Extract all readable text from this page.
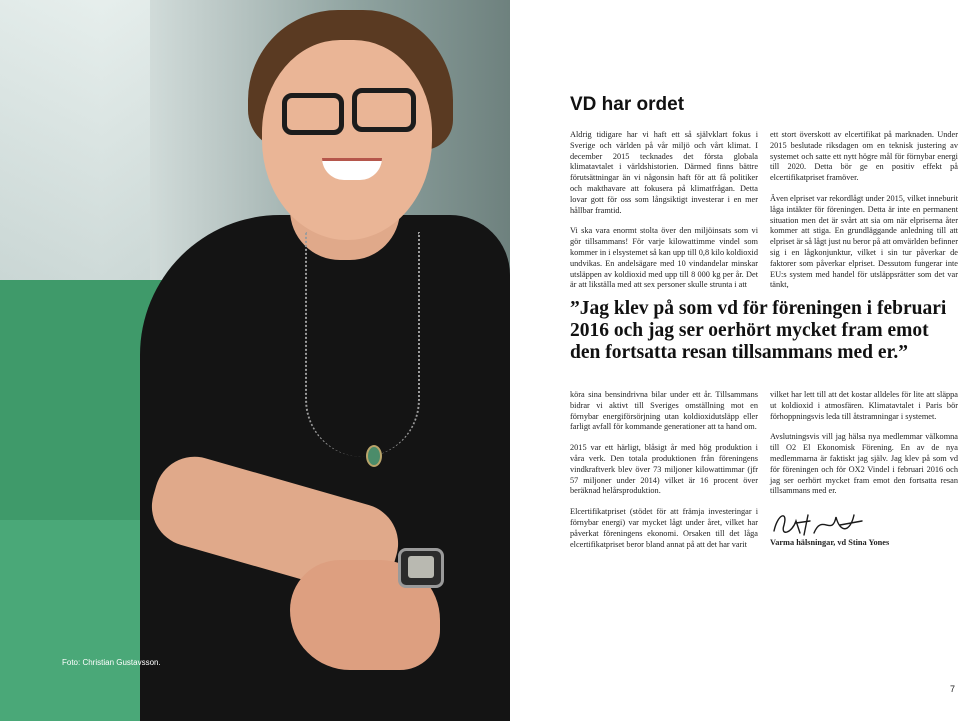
Foto: Christian Gustavsson.
VD har ordet

Aldrig tidigare har vi haft ett så självklart fokus i Sverige och världen på vår miljö och vårt klimat. I december 2015 tecknades det första globala klimatavtalet i världshistorien. Därmed finns bättre förutsättningar än vi någonsin haft för att få politiker och makthavare att fokusera på klimatfrågan. Detta lovar gott för oss som långsiktigt investerar i en mer hållbar framtid.

Vi ska vara enormt stolta över den miljöinsats som vi gör tillsammans! För varje kilowattimme vindel som kommer in i elsystemet så kan upp till 0,8 kilo koldioxid undvikas. En andelsägare med 10 vindandelar minskar utsläppen av koldioxid med upp till 8 000 kg per år. Det är att likställa med att sex personer skulle strunta i att

ett stort överskott av elcertifikat på marknaden. Under 2015 beslutade riksdagen om en teknisk justering av systemet och satte ett nytt högre mål för förnybar energi till 2020. Detta bör ge en positiv effekt på elcertifikatpriset framöver.

Även elpriset var rekordlågt under 2015, vilket inneburit låga intäkter för föreningen. Detta är inte en permanent situation men det är svårt att sia om när elpriserna åter kommer att stiga. En grundläggande anledning till att elpriset är så lågt just nu beror på att omvärlden befinner sig i en lågkonjunktur, vilket i sin tur påverkar de faktorer som påverkar elpriset. Dessutom fungerar inte EU:s system med handel för utsläppsrätter som det var tänkt,

”Jag klev på som vd för föreningen i februari 2016 och jag ser oerhört mycket fram emot den fortsatta resan tillsammans med er.”

köra sina bensindrivna bilar under ett år. Tillsammans bidrar vi aktivt till Sveriges omställning mot en förnybar energiförsörjning utan koldioxidutsläpp eller farligt avfall för kommande generationer att ta hand om.

2015 var ett härligt, blåsigt år med hög produktion i våra verk. Den totala produktionen från föreningens vindkraftverk blev över 73 miljoner kilowattimmar (jfr 57 miljoner under 2014) vilket är 16 procent över beräknad helårsproduktion.

Elcertifikatpriset (stödet för att främja investeringar i förnybar energi) var mycket lågt under året, vilket har påverkat föreningens ekonomi. Orsaken till det låga elcertifikatpriset beror bland annat på att det har varit

vilket har lett till att det kostar alldeles för lite att släppa ut koldioxid i atmosfären. Klimatavtalet i Paris bör förhoppningsvis leda till åtstramningar i systemet.

Avslutningsvis vill jag hälsa nya medlemmar välkomna till O2 El Ekonomisk Förening. En av de nya medlemmarna är faktiskt jag själv. Jag klev på som vd för föreningen och för OX2 Vindel i februari 2016 och jag ser oerhört mycket fram emot den fortsatta resan tillsammans med er.

Varma hälsningar, vd Stina Yones
7
